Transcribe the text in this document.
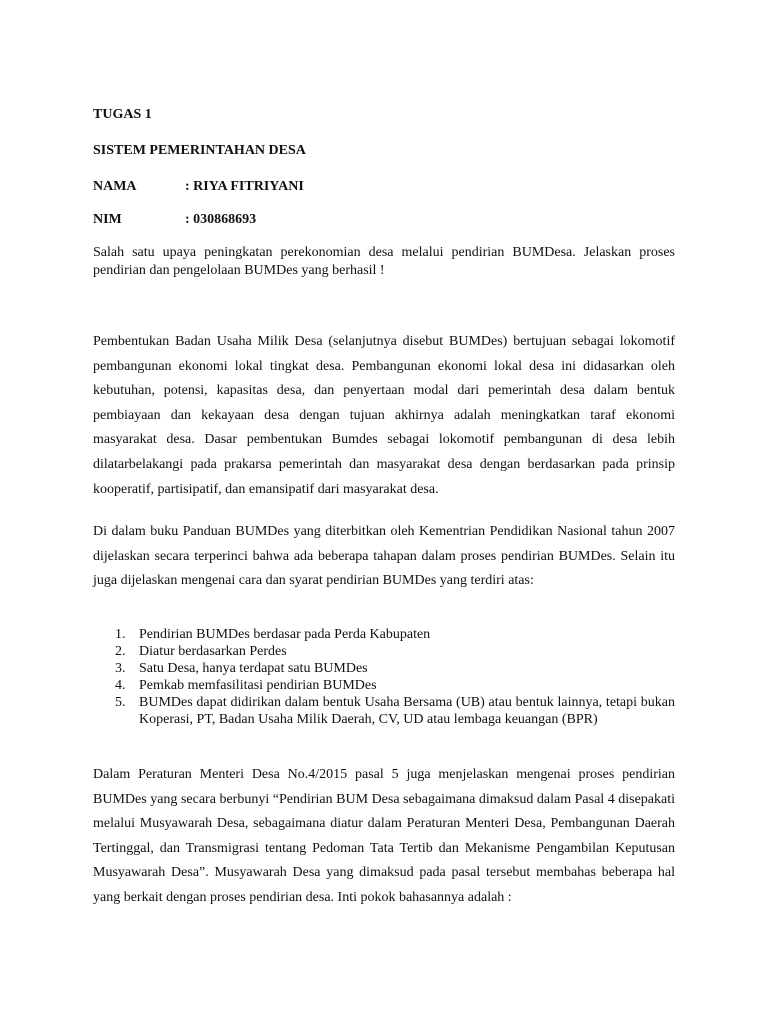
TUGAS 1
SISTEM PEMERINTAHAN DESA
NAMA	: RIYA FITRIYANI
NIM	: 030868693
Salah satu upaya peningkatan perekonomian desa melalui pendirian BUMDesa. Jelaskan proses pendirian dan pengelolaan BUMDes yang berhasil !

Pembentukan Badan Usaha Milik Desa (selanjutnya disebut BUMDes) bertujuan sebagai lokomotif pembangunan ekonomi lokal tingkat desa. Pembangunan ekonomi lokal desa ini didasarkan oleh kebutuhan, potensi, kapasitas desa, dan penyertaan modal dari pemerintah desa dalam bentuk pembiayaan dan kekayaan desa dengan tujuan akhirnya adalah meningkatkan taraf ekonomi masyarakat desa. Dasar pembentukan Bumdes sebagai lokomotif pembangunan di desa lebih dilatarbelakangi pada prakarsa pemerintah dan masyarakat desa dengan berdasarkan pada prinsip kooperatif, partisipatif, dan emansipatif dari masyarakat desa.

Di dalam buku Panduan BUMDes yang diterbitkan oleh Kementrian Pendidikan Nasional tahun 2007 dijelaskan secara terperinci bahwa ada beberapa tahapan dalam proses pendirian BUMDes. Selain itu juga dijelaskan mengenai cara dan syarat pendirian BUMDes yang terdiri atas:

1. Pendirian BUMDes berdasar pada Perda Kabupaten
2. Diatur berdasarkan Perdes
3. Satu Desa, hanya terdapat satu BUMDes
4. Pemkab memfasilitasi pendirian BUMDes
5. BUMDes dapat didirikan dalam bentuk Usaha Bersama (UB) atau bentuk lainnya, tetapi bukan Koperasi, PT, Badan Usaha Milik Daerah, CV, UD atau lembaga keuangan (BPR)

Dalam Peraturan Menteri Desa No.4/2015 pasal 5 juga menjelaskan mengenai proses pendirian BUMDes yang secara berbunyi “Pendirian BUM Desa sebagaimana dimaksud dalam Pasal 4 disepakati melalui Musyawarah Desa, sebagaimana diatur dalam Peraturan Menteri Desa, Pembangunan Daerah Tertinggal, dan Transmigrasi tentang Pedoman Tata Tertib dan Mekanisme Pengambilan Keputusan Musyawarah Desa”. Musyawarah Desa yang dimaksud pada pasal tersebut membahas beberapa hal yang berkait dengan proses pendirian desa. Inti pokok bahasannya adalah :
